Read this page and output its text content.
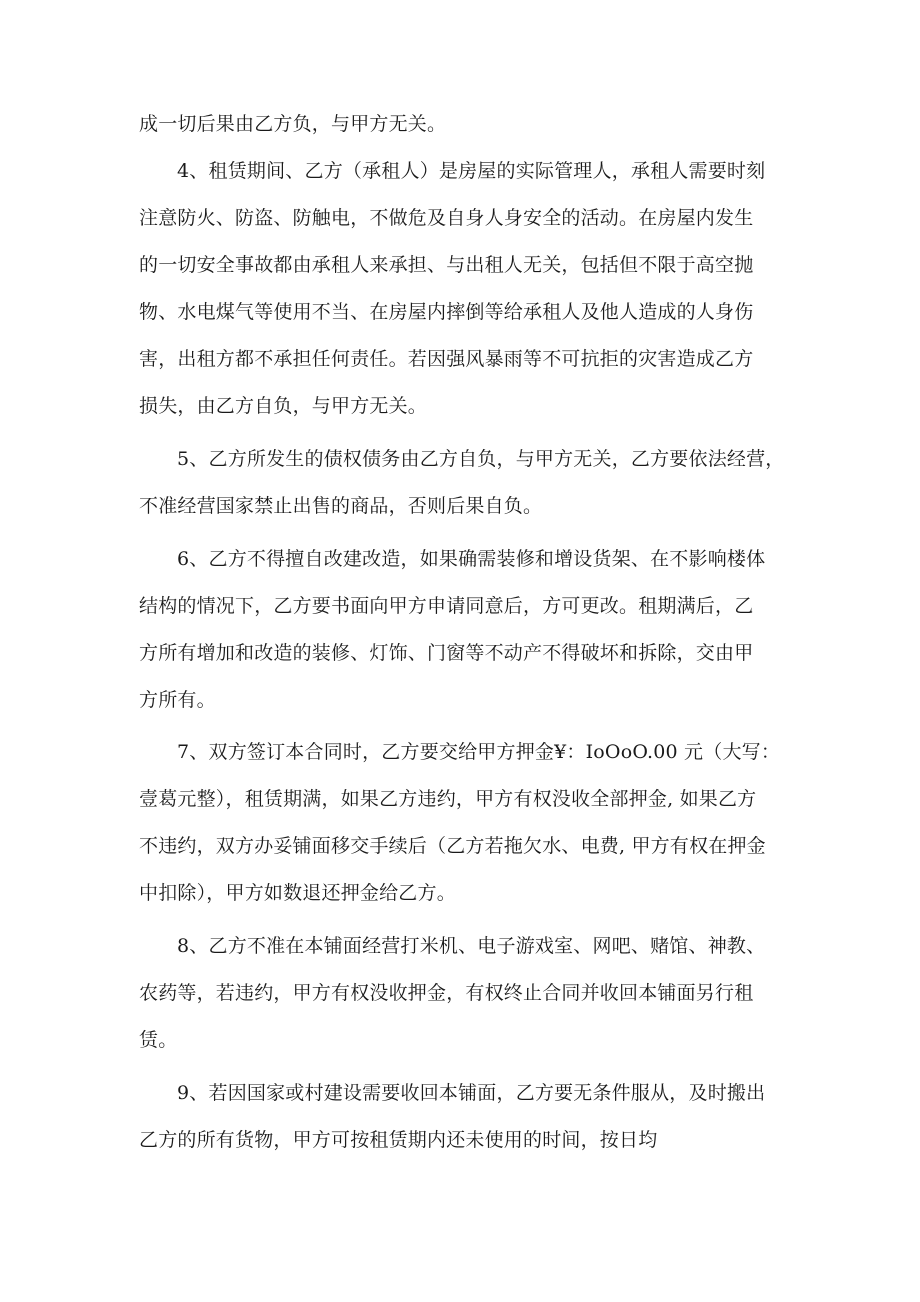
成一切后果由乙方负，与甲方无关。
4、租赁期间、乙方（承租人）是房屋的实际管理人，承租人需要时刻
注意防火、防盗、防触电，不做危及自身人身安全的活动。在房屋内发生
的一切安全事故都由承租人来承担、与出租人无关，包括但不限于高空抛
物、水电煤气等使用不当、在房屋内摔倒等给承租人及他人造成的人身伤
害，出租方都不承担任何责任。若因强风暴雨等不可抗拒的灾害造成乙方
损失，由乙方自负，与甲方无关。
5、乙方所发生的债权债务由乙方自负，与甲方无关，乙方要依法经营，
不准经营国家禁止出售的商品，否则后果自负。
6、乙方不得擅自改建改造，如果确需装修和增设货架、在不影响楼体
结构的情况下，乙方要书面向甲方申请同意后，方可更改。租期满后，乙
方所有增加和改造的装修、灯饰、门窗等不动产不得破坏和拆除，交由甲
方所有。
7、双方签订本合同时，乙方要交给甲方押金¥：IoOoO.00 元（大写：
壹葛元整），租赁期满，如果乙方违约，甲方有权没收全部押金, 如果乙方
不违约，双方办妥铺面移交手续后（乙方若拖欠水、电费, 甲方有权在押金
中扣除），甲方如数退还押金给乙方。
8、乙方不准在本铺面经营打米机、电子游戏室、网吧、赌馆、神教、
农药等，若违约，甲方有权没收押金，有权终止合同并收回本铺面另行租
赁。
9、若因国家或村建设需要收回本铺面，乙方要无条件服从，及时搬出
乙方的所有货物，甲方可按租赁期内还未使用的时间，按日均
